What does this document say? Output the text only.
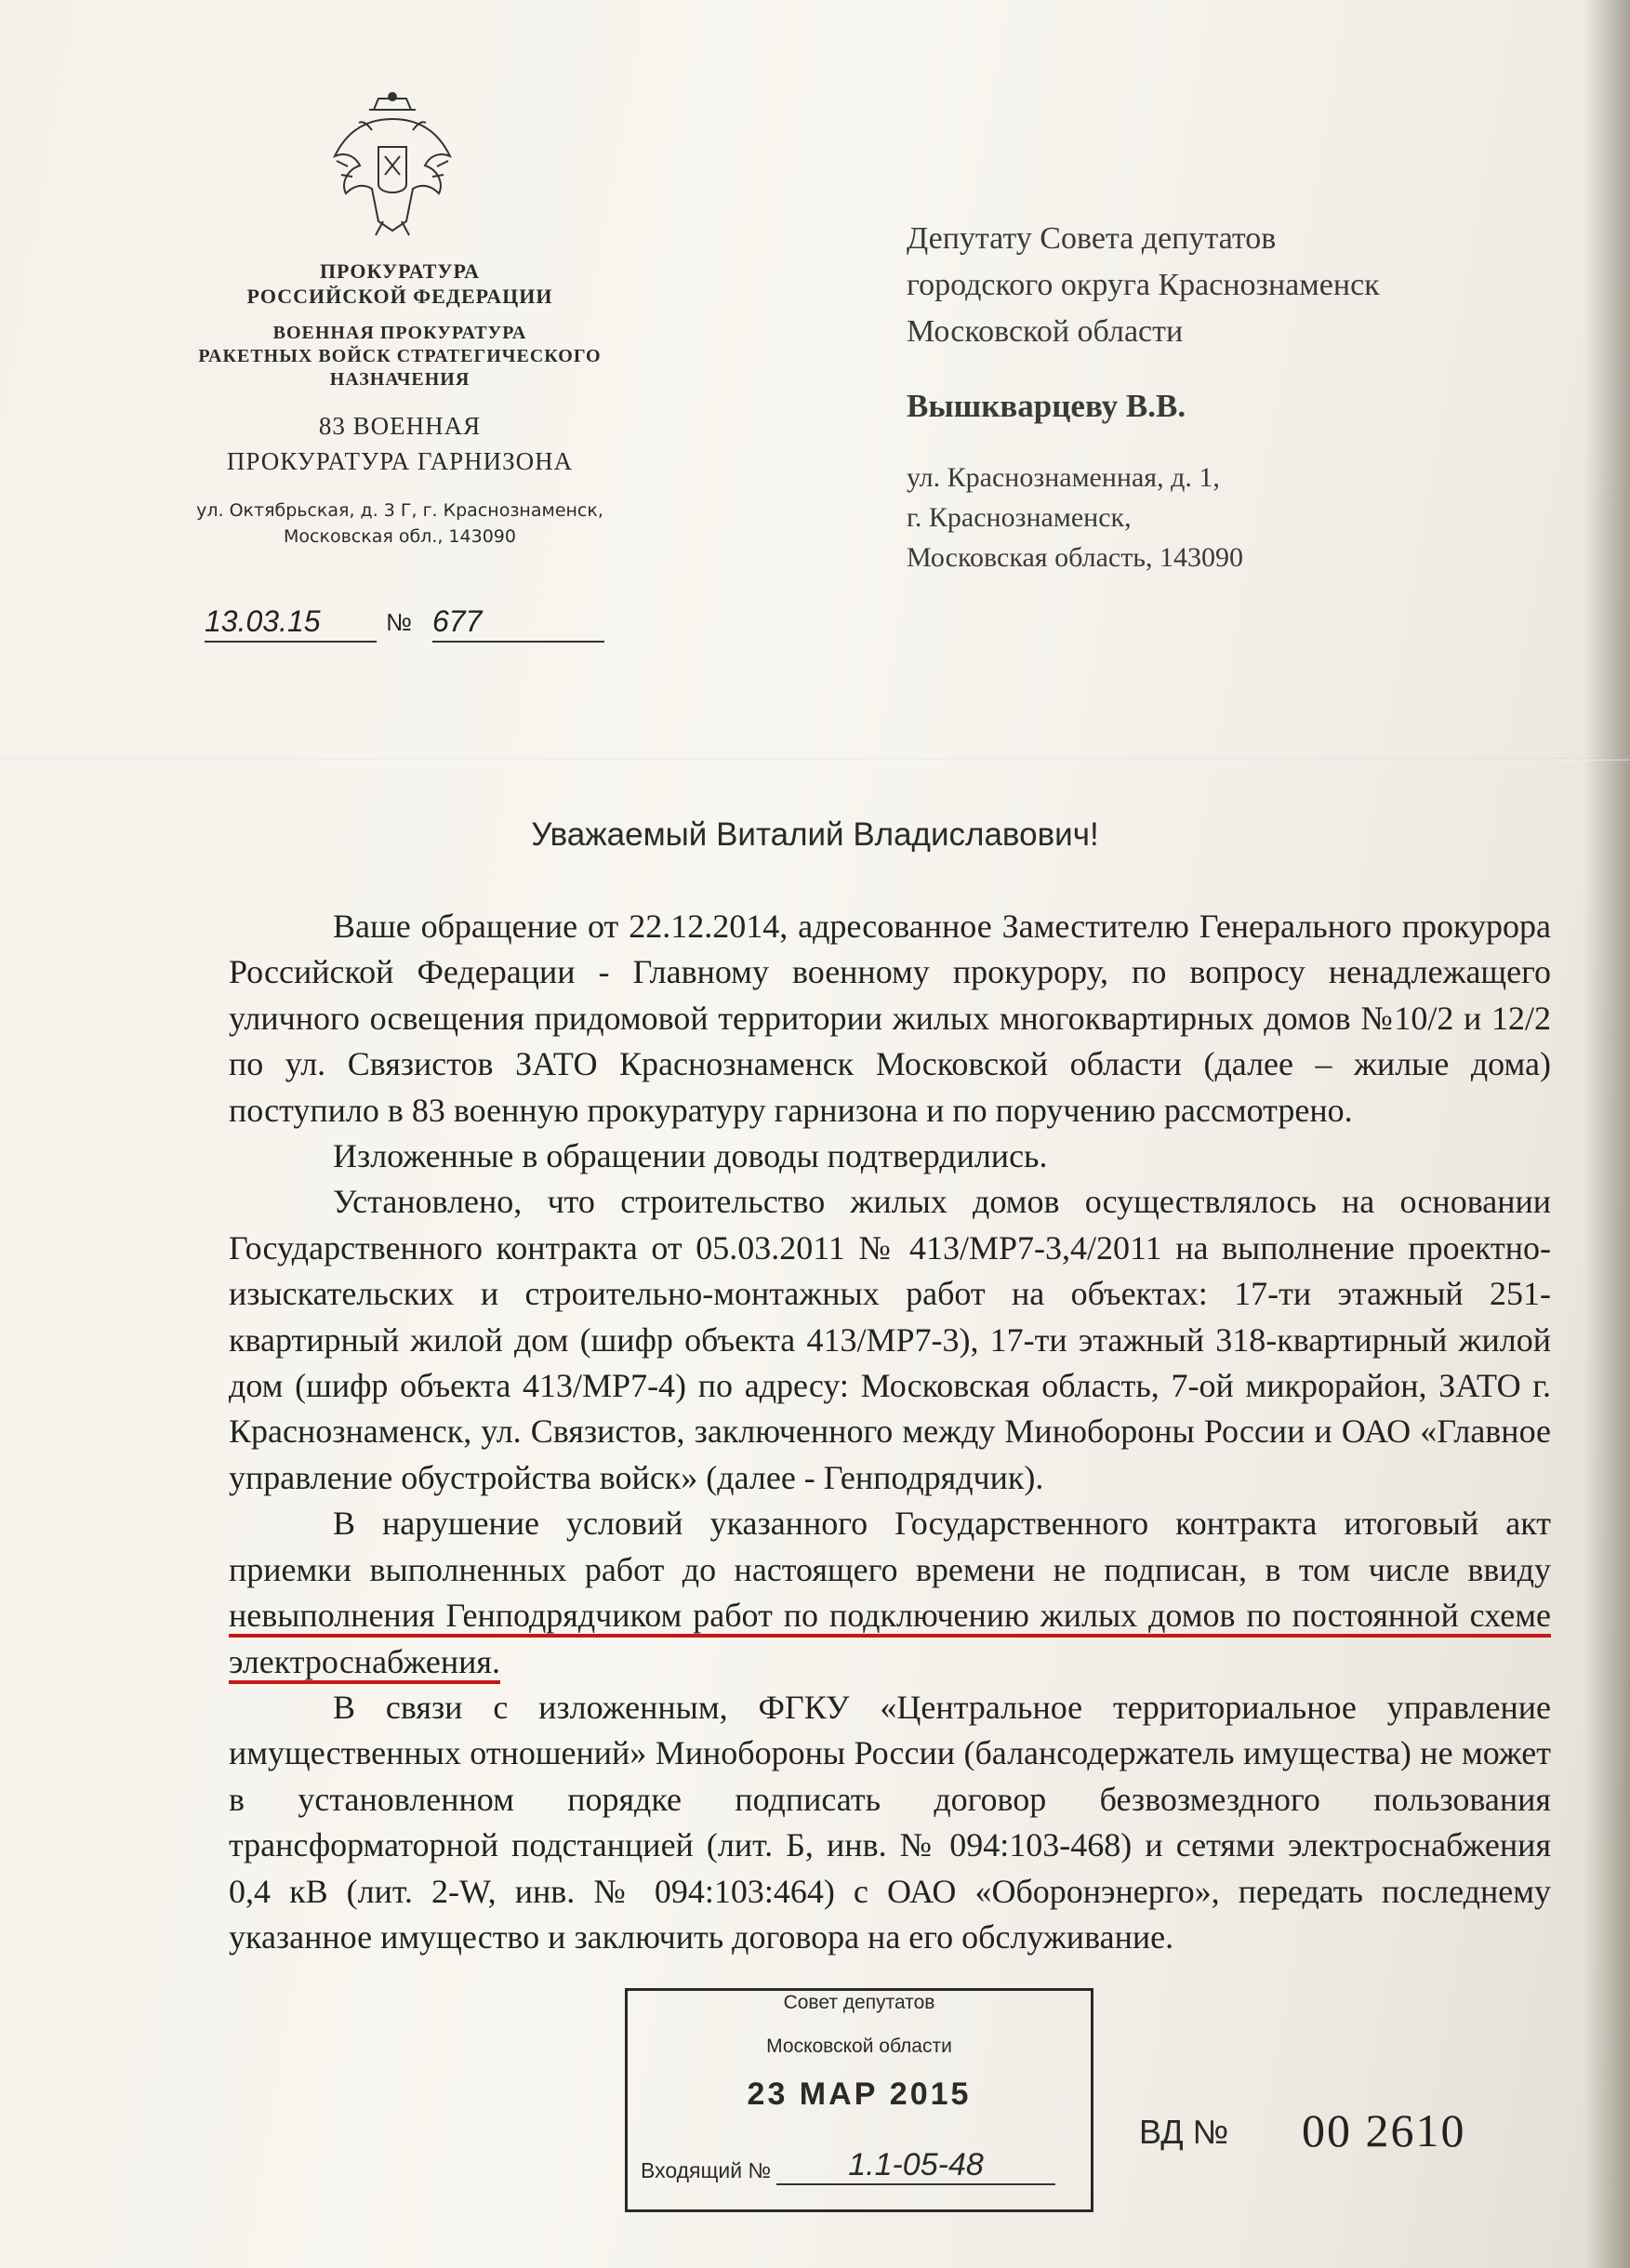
ПРОКУРАТУРА
РОССИЙСКОЙ ФЕДЕРАЦИИ
ВОЕННАЯ ПРОКУРАТУРА
РАКЕТНЫХ ВОЙСК СТРАТЕГИЧЕСКОГО
НАЗНАЧЕНИЯ
83 ВОЕННАЯ
ПРОКУРАТУРА ГАРНИЗОНА
ул. Октябрьская, д. 3 Г, г. Краснознаменск,
Московская обл., 143090
13.03.15	№ 677
Депутату Совета депутатов
городского округа Краснознаменск
Московской области
Вышкварцеву В.В.
ул. Краснознаменная, д. 1,
г. Краснознаменск,
Московская область, 143090
Уважаемый Виталий Владиславович!

Ваше обращение от 22.12.2014, адресованное Заместителю Генерального прокурора Российской Федерации - Главному военному прокурору, по вопросу ненадлежащего уличного освещения придомовой территории жилых многоквартирных домов №10/2 и 12/2 по ул. Связистов ЗАТО Краснознаменск Московской области (далее – жилые дома) поступило в 83 военную прокуратуру гарнизона и по поручению рассмотрено.

Изложенные в обращении доводы подтвердились.

Установлено, что строительство жилых домов осуществлялось на основании Государственного контракта от 05.03.2011 № 413/МР7-3,4/2011 на выполнение проектно-изыскательских и строительно-монтажных работ на объектах: 17-ти этажный 251-квартирный жилой дом (шифр объекта 413/МР7-3), 17-ти этажный 318-квартирный жилой дом (шифр объекта 413/МР7-4) по адресу: Московская область, 7-ой микрорайон, ЗАТО г. Краснознаменск, ул. Связистов, заключенного между Минобороны России и ОАО «Главное управление обустройства войск» (далее - Генподрядчик).

В нарушение условий указанного Государственного контракта итоговый акт приемки выполненных работ до настоящего времени не подписан, в том числе ввиду невыполнения Генподрядчиком работ по подключению жилых домов по постоянной схеме электроснабжения.

В связи с изложенным, ФГКУ «Центральное территориальное управление имущественных отношений» Минобороны России (балансодержатель имущества) не может в установленном порядке подписать договор безвозмездного пользования трансформаторной подстанцией (лит. Б, инв. № 094:103-468) и сетями электроснабжения 0,4 кВ (лит. 2-W, инв. № 094:103:464) с ОАО «Оборонэнерго», передать последнему указанное имущество и заключить договора на его обслуживание.

Совет депутатов
Московской области
23 МАР 2015
Входящий №	1.1-05-48
ВД № 00 2610
